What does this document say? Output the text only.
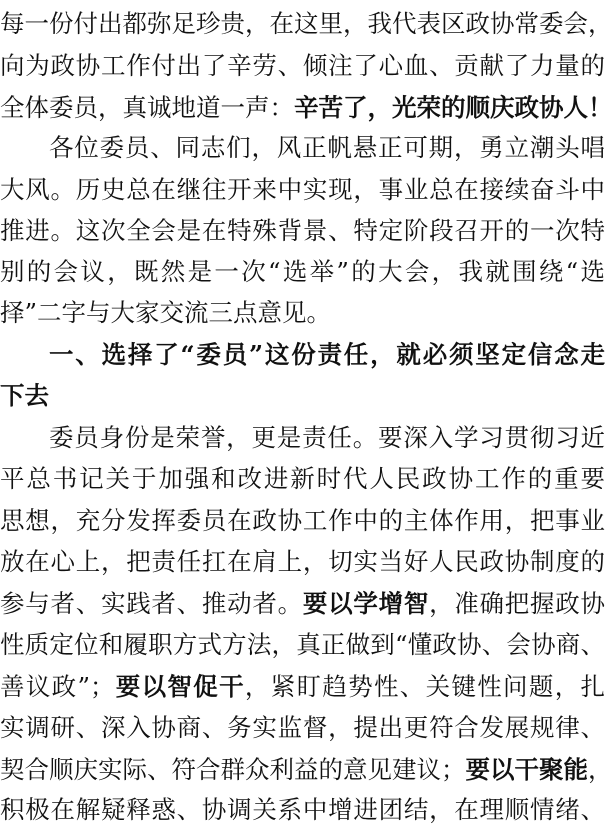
每一份付出都弥足珍贵，在这里，我代表区政协常委会，
向为政协工作付出了辛劳、倾注了心血、贡献了力量的
全体委员，真诚地道一声：辛苦了，光荣的顺庆政协人！
各位委员、同志们，风正帆悬正可期，勇立潮头唱
大风。历史总在继往开来中实现，事业总在接续奋斗中
推进。这次全会是在特殊背景、特定阶段召开的一次特
别的会议，既然是一次“选举”的大会，我就围绕“选
择”二字与大家交流三点意见。
一、选择了“委员”这份责任，就必须坚定信念走
下去
委员身份是荣誉，更是责任。要深入学习贯彻习近
平总书记关于加强和改进新时代人民政协工作的重要
思想，充分发挥委员在政协工作中的主体作用，把事业
放在心上，把责任扛在肩上，切实当好人民政协制度的
参与者、实践者、推动者。要以学增智，准确把握政协
性质定位和履职方式方法，真正做到“懂政协、会协商、
善议政”；要以智促干，紧盯趋势性、关键性问题，扎
实调研、深入协商、务实监督，提出更符合发展规律、
契合顺庆实际、符合群众利益的意见建议；要以干聚能，
积极在解疑释惑、协调关系中增进团结，在理顺情绪、
